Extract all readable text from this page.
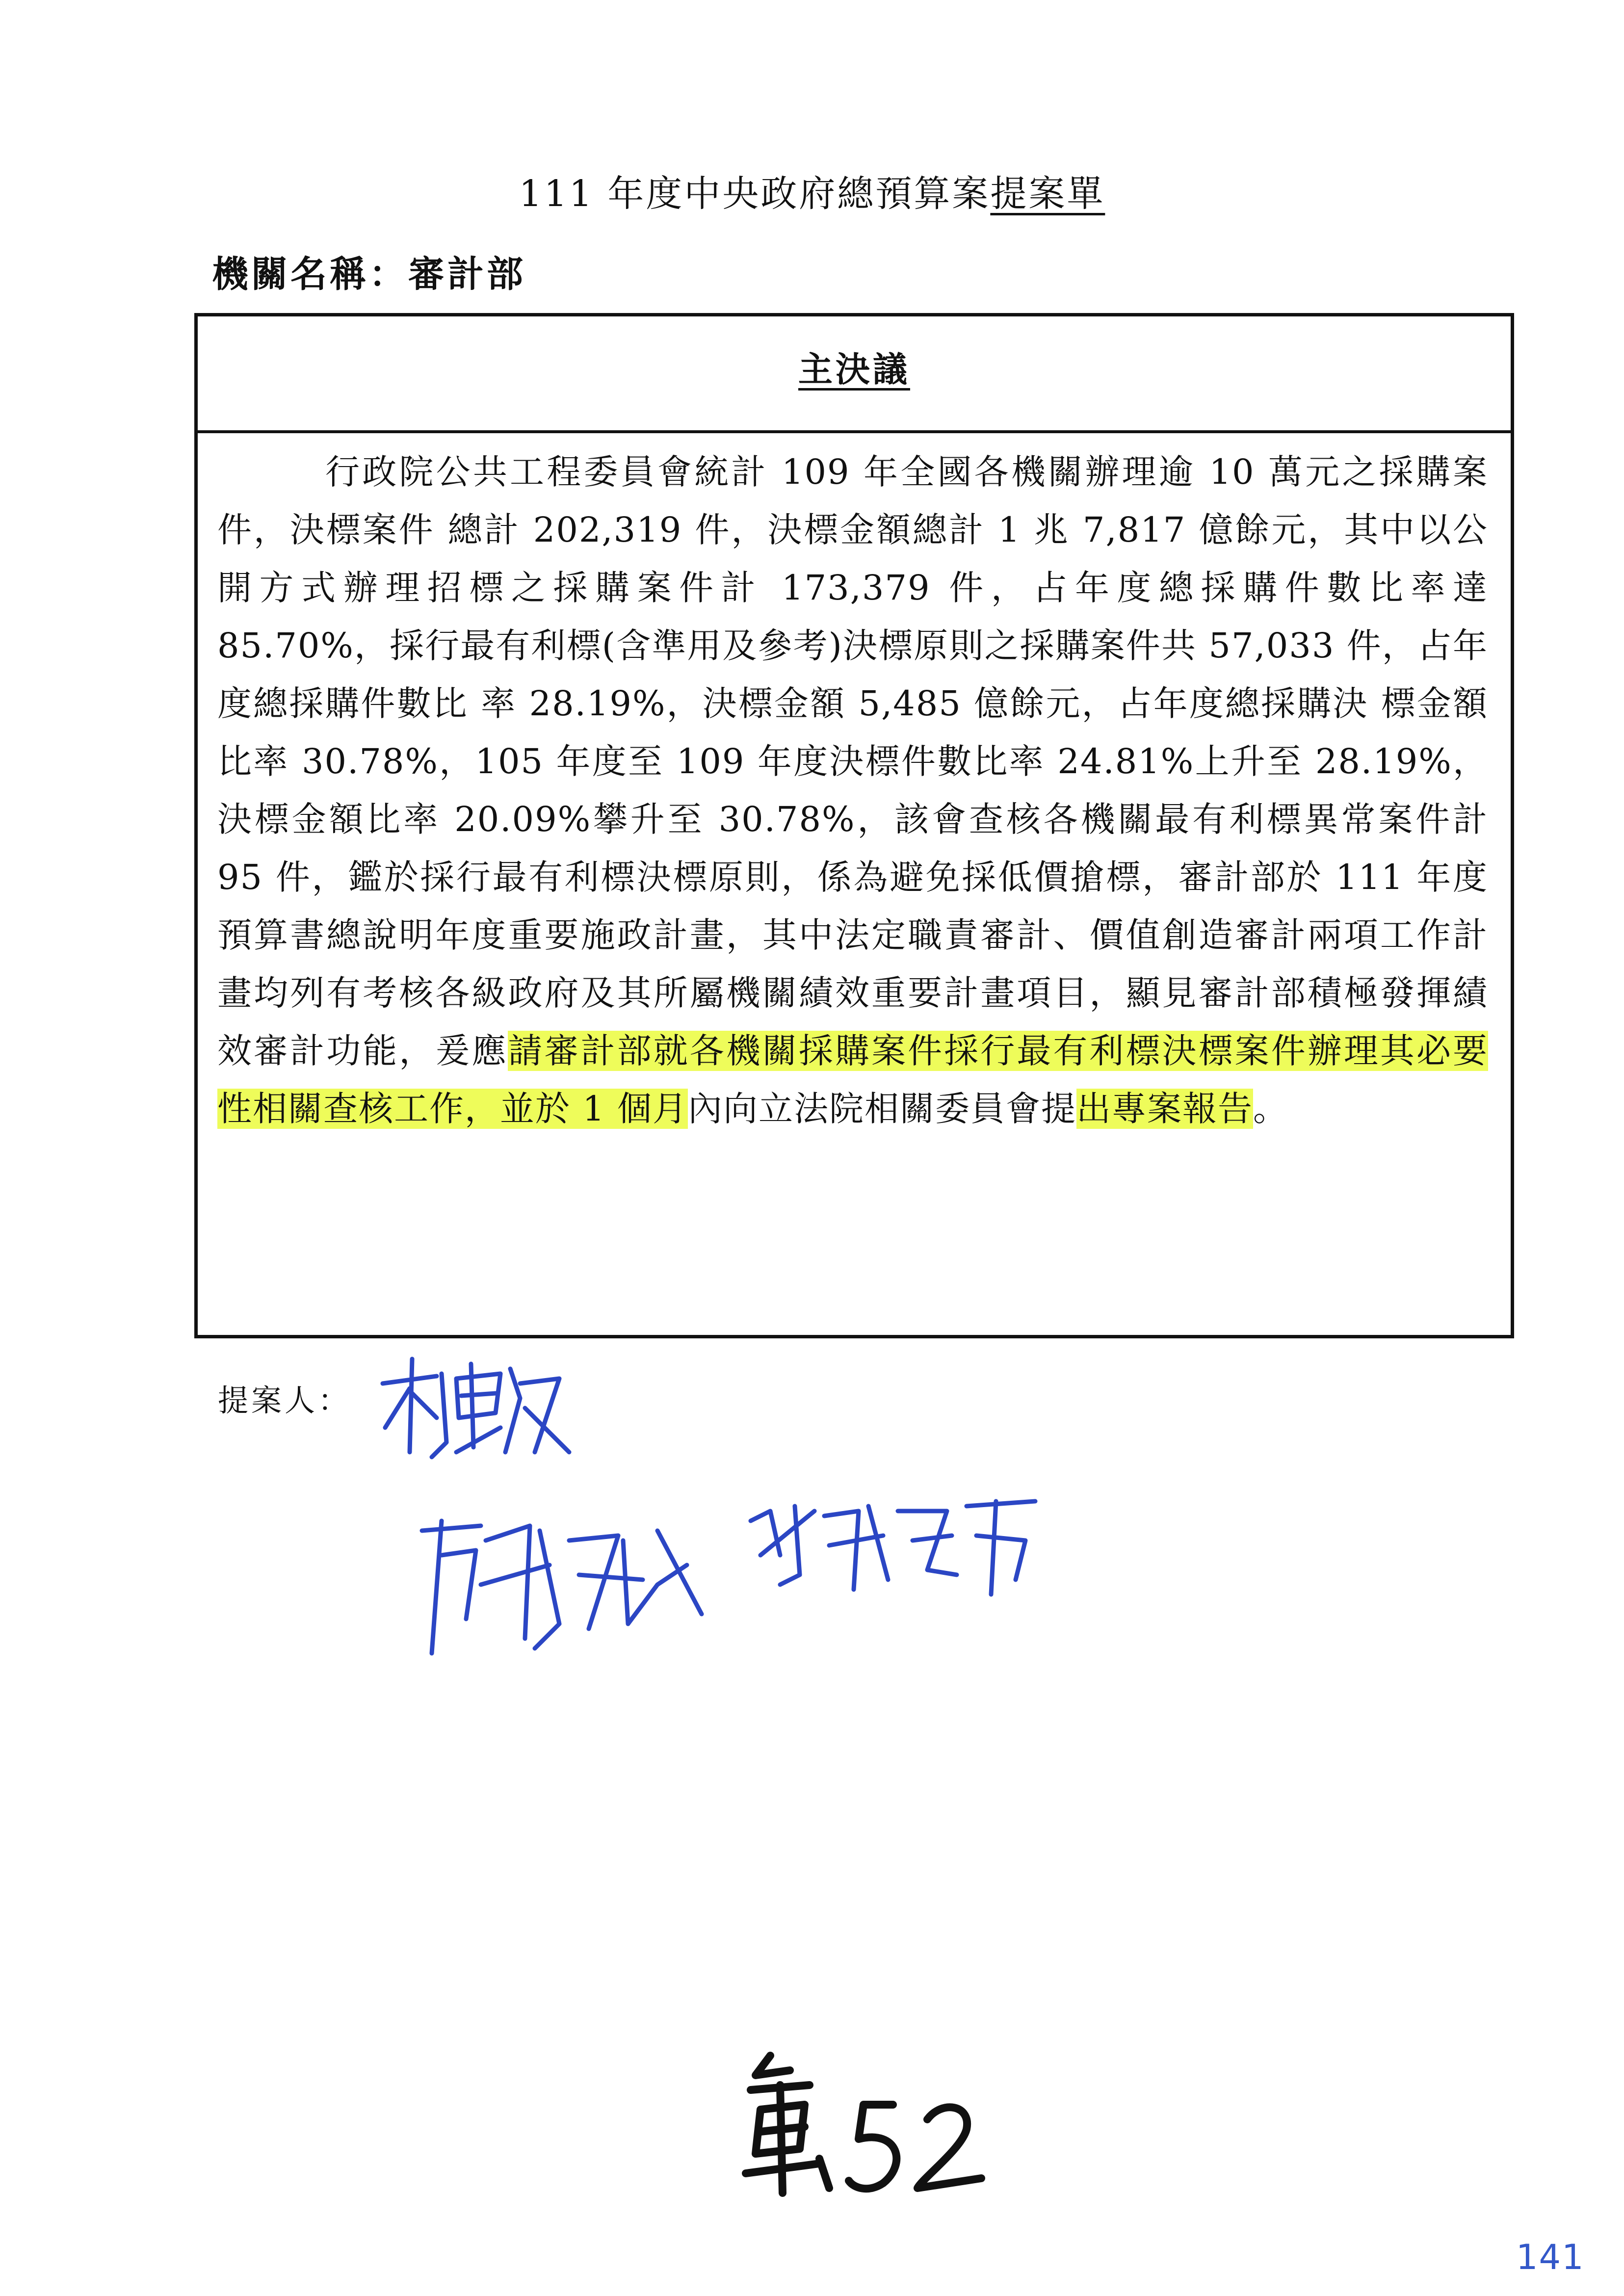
111 年度中央政府總預算案提案單
機關名稱：審計部
主決議

行政院公共工程委員會統計 109 年全國各機關辦理逾 10 萬元之採購案件，決標案件 總計 202,319 件，決標金額總計 1 兆 7,817 億餘元，其中以公開方式辦理招標之採購案件計 173,379 件，占年度總採購件數比率達 85.70%，採行最有利標(含準用及參考)決標原則之採購案件共 57,033 件，占年度總採購件數比 率 28.19%，決標金額 5,485 億餘元，占年度總採購決 標金額比率 30.78%，105 年度至 109 年度決標件數比率 24.81%上升至 28.19%，決標金額比率 20.09%攀升至 30.78%，該會查核各機關最有利標異常案件計 95 件，鑑於採行最有利標決標原則，係為避免採低價搶標，審計部於 111 年度預算書總說明年度重要施政計畫，其中法定職責審計、價值創造審計兩項工作計畫均列有考核各級政府及其所屬機關績效重要計畫項目，顯見審計部積極發揮績效審計功能，爰應請審計部就各機關採購案件採行最有利標決標案件辦理其必要性相關查核工作，並於 1 個月內向立法院相關委員會提出專案報告。

提案人：
141
